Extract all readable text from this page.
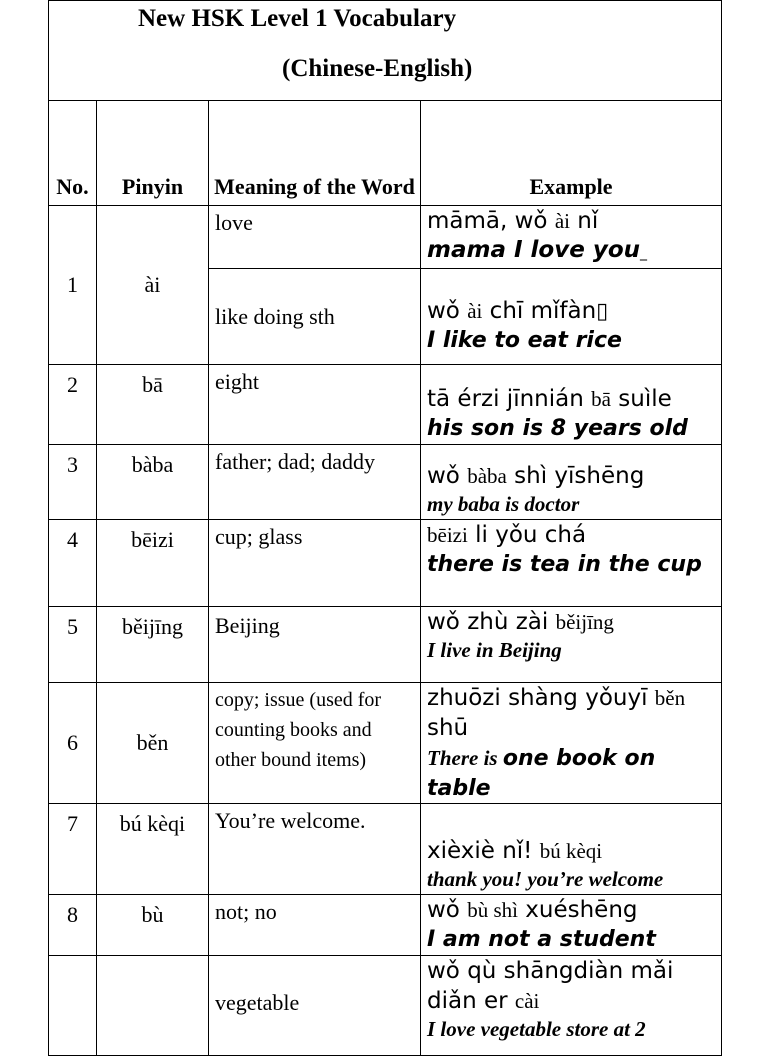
New HSK Level 1 Vocabulary
(Chinese-English)			

No.	Pinyin	Meaning of the Word	Example
1	ài	love	māmā, wǒ ài nǐ
mama I love you_

		like doing sth	wǒ ài chī mǐfàn▯
I like to eat rice

2	bā	eight	tā érzi jīnnián bā suìle
his son is 8 years old

3	bàba	father; dad; daddy	wǒ bàba shì yīshēng
my baba is doctor

4	bēizi	cup; glass	bēizi li yǒu chá
there is tea in the cup

5	běijīng	Beijing	wǒ zhù zài běijīng
I live in Beijing

6	běn	copy; issue (used for counting books and other bound items)	zhuōzi shàng yǒuyī běn shū
There is one book on table

7	bú kèqi	You’re welcome.	xièxiè nǐ! bú kèqi
thank you! you’re welcome

8	bù	not; no	wǒ bù shì xuéshēng
I am not a student

		vegetable	wǒ qù shāngdiàn mǎi diǎn er cài
I love vegetable store at 2
